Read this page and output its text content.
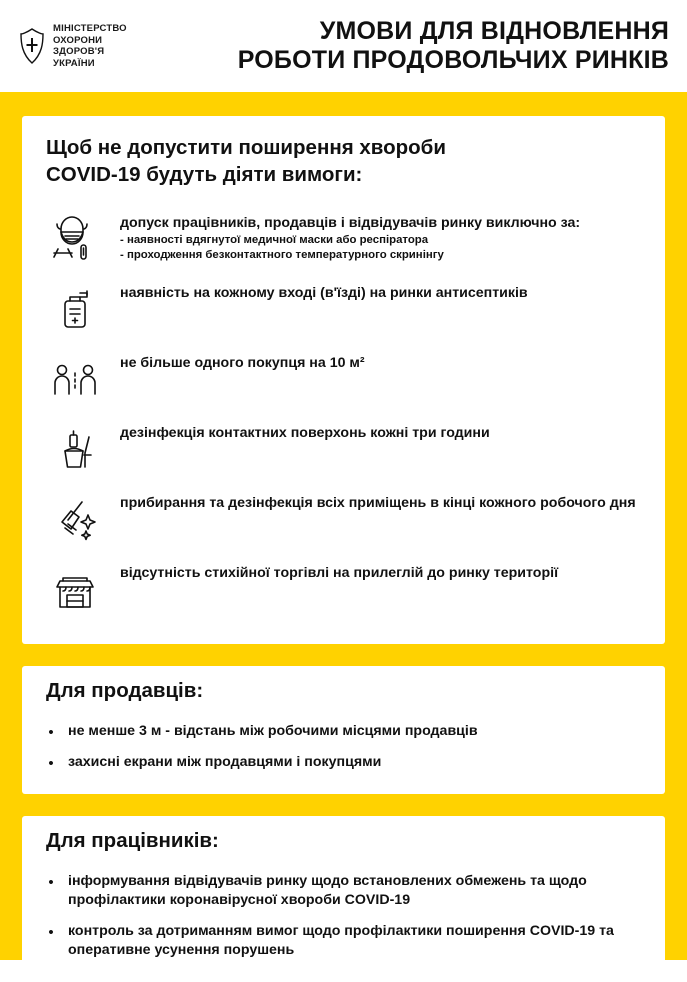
МІНІСТЕРСТВО
ОХОРОНИ
ЗДОРОВ'Я
УКРАЇНИ
УМОВИ ДЛЯ ВІДНОВЛЕННЯ
РОБОТИ ПРОДОВОЛЬЧИХ РИНКІВ
Щоб не допустити поширення хвороби
COVID-19 будуть діяти вимоги:
допуск працівників, продавців і відвідувачів ринку виключно за:
- наявності вдягнутої медичної маски або респіратора
- проходження безконтактного температурного скринінгу
наявність на кожному вході (в'їзді) на ринки антисептиків
не більше одного покупця на 10 м²
дезінфекція контактних поверхонь кожні три години
прибирання та дезінфекція всіх приміщень в кінці кожного робочого дня
відсутність стихійної торгівлі на прилеглій до ринку території
Для продавців:
• не менше 3 м - відстань між робочими місцями продавців
• захисні екрани між продавцями і покупцями
Для працівників:
• інформування відвідувачів ринку щодо встановлених обмежень та щодо профілактики коронавірусної хвороби COVID-19
• контроль за дотриманням вимог щодо профілактики поширення COVID-19 та оперативне усунення порушень
